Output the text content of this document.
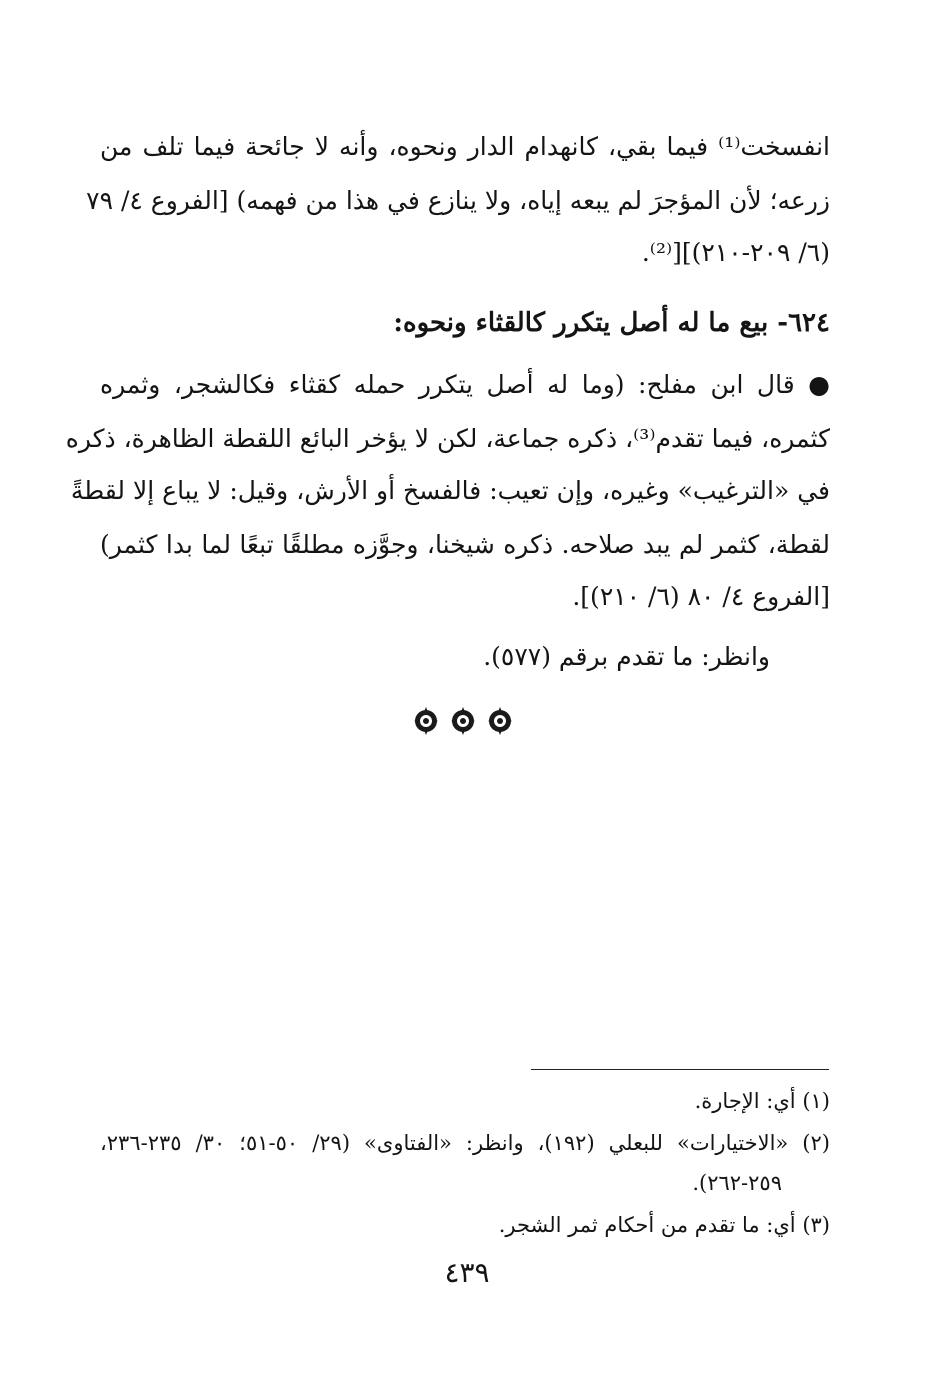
انفسخت⁽¹⁾ فيما بقي، كانهدام الدار ونحوه، وأنه لا جائحة فيما تلف من
زرعه؛ لأن المؤجرَ لم يبعه إياه، ولا ينازع في هذا من فهمه) [الفروع ٤/ ٧٩
(٦/ ٢٠٩-٢١٠)][⁽²⁾.
٦٢٤- بيع ما له أصل يتكرر كالقثاء ونحوه:
● قال ابن مفلح: (وما له أصل يتكرر حمله كقثاء فكالشجر، وثمره
كثمره، فيما تقدم⁽³⁾، ذكره جماعة، لكن لا يؤخر البائع اللقطة الظاهرة، ذكره
في «الترغيب» وغيره، وإن تعيب: فالفسخ أو الأرش، وقيل: لا يباع إلا لقطةً
لقطة، كثمر لم يبد صلاحه. ذكره شيخنا، وجوَّزه مطلقًا تبعًا لما بدا كثمر)
[الفروع ٤/ ٨٠ (٦/ ٢١٠)].
وانظر: ما تقدم برقم (٥٧٧).
(١) أي: الإجارة.
(٢) «الاختيارات» للبعلي (١٩٢)، وانظر: «الفتاوى» (٢٩/ ٥٠-٥١؛ ٣٠/ ٢٣٥-٢٣٦،
٢٥٩-٢٦٢).
(٣) أي: ما تقدم من أحكام ثمر الشجر.
٤٣٩
